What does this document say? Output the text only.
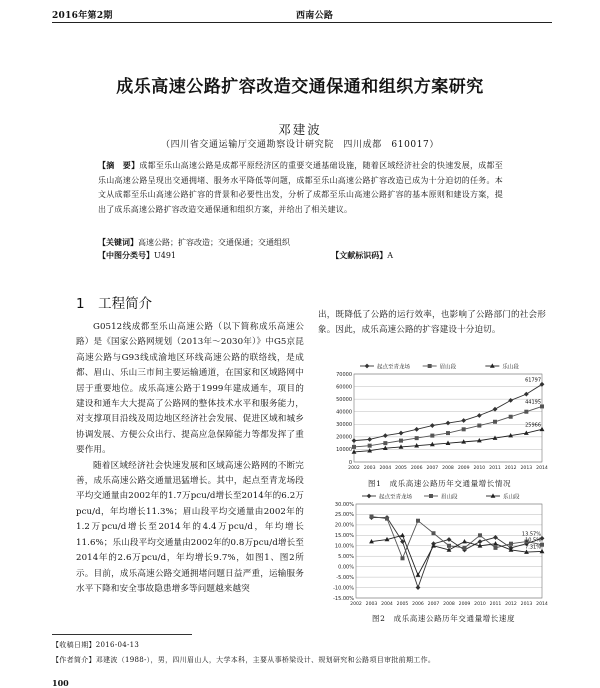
2016年第2期	西南公路
成乐高速公路扩容改造交通保通和组织方案研究
邓建波
（四川省交通运输厅交通勘察设计研究院　四川成都　610017）
【摘　要】成都至乐山高速公路是成都平原经济区的重要交通基础设施，随着区域经济社会的快速发展，成都至乐山高速公路呈现出交通拥堵、服务水平降低等问题，成都至乐山高速公路扩容改造已成为十分迫切的任务。本文从成都至乐山高速公路扩容的背景和必要性出发，分析了成都至乐山高速公路扩容的基本原则和建设方案，提出了成乐高速公路扩容改造交通保通和组织方案，并给出了相关建议。
【关键词】高速公路；扩容改造；交通保通；交通组织
【中图分类号】U491	【文献标识码】A
1　工程简介

G0512线成都至乐山高速公路（以下简称成乐高速公路）是《国家公路网规划（2013年～2030年）》中G5京昆高速公路与G93线成渝地区环线高速公路的联络线，是成都、眉山、乐山三市间主要运输通道，在国家和区域路网中居于重要地位。成乐高速公路于1999年建成通车，项目的建设和通车大大提高了公路网的整体技术水平和服务能力，对支撑项目沿线及周边地区经济社会发展、促进区域和城乡协调发展、方便公众出行、提高应急保障能力等都发挥了重要作用。

随着区域经济社会快速发展和区域高速公路网的不断完善，成乐高速公路交通量迅猛增长。其中，起点至青龙场段平均交通量由2002年的1.7万pcu/d增长至2014年的6.2万pcu/d，年均增长11.3%；眉山段平均交通量由2002年的1.2万pcu/d增长至2014年的4.4万pcu/d，年均增长11.6%；乐山段平均交通量由2002年的0.8万pcu/d增长至2014年的2.6万pcu/d，年均增长9.7%，如图1、图2所示。目前，成乐高速公路交通拥堵问题日益严重，运输服务水平下降和安全事故隐患增多等问题越来越突

出，既降低了公路的运行效率，也影响了公路部门的社会形象。因此，成乐高速公路的扩容建设十分迫切。

起点至青龙场	眉山段	乐山段
0
10000
20000
30000
40000
50000
60000
70000
2002 2003 2004 2005 2006 2007 2008 2009 2010 2011 2012 2013 2014
61797
44195
25966
图1　成乐高速公路历年交通量增长情况
起点至青龙场	眉山段	乐山段
-15.00%
-10.00%
-5.00%
0.00%
5.00%
10.00%
15.00%
20.00%
25.00%
30.00%
2002 2003 2004 2005 2006 2007 2008 2009 2010 2011 2012 2013 2014
13.57%
10.5%
7.31%
图2　成乐高速公路历年交通量增长速度
【收稿日期】2016-04-13
【作者简介】邓建波（1988-），男，四川眉山人，大学本科，主要从事桥梁设计、规划研究和公路项目审批前期工作。
100
